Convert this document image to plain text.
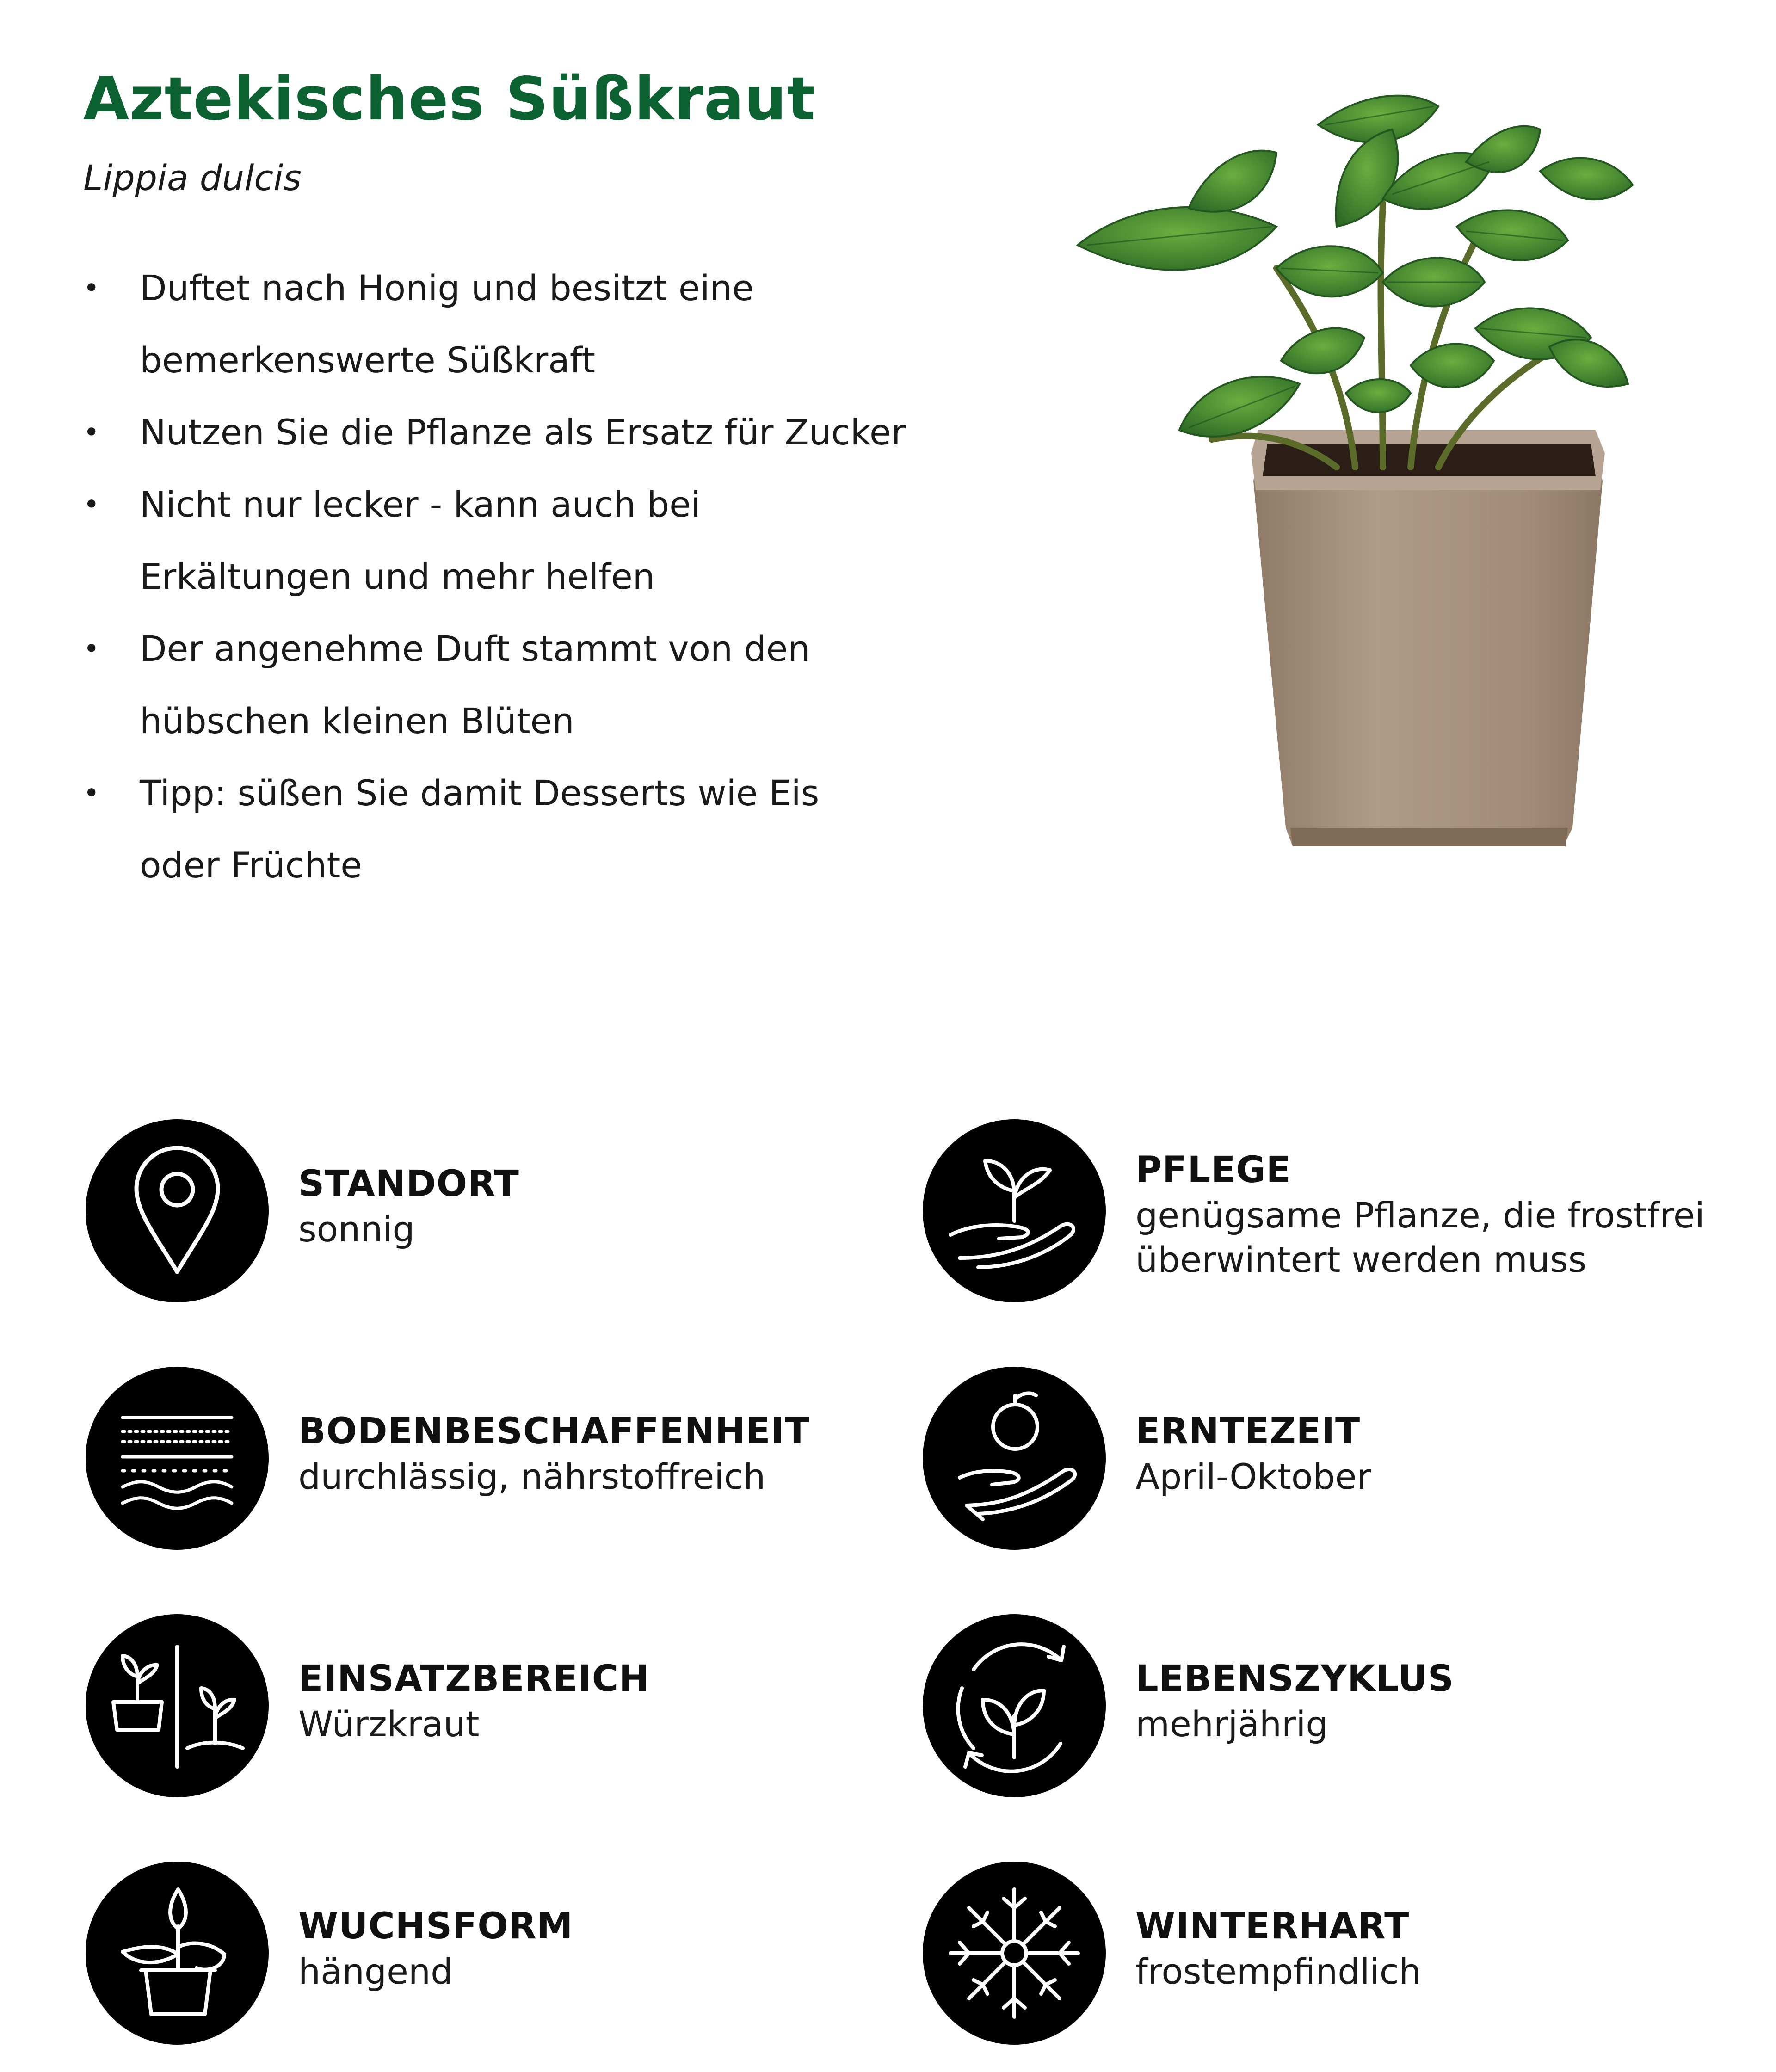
Aztekisches Süßkraut

Lippia dulcis

• Duftet nach Honig und besitzt eine
bemerkenswerte Süßkraft
• Nutzen Sie die Pflanze als Ersatz für Zucker
• Nicht nur lecker - kann auch bei
Erkältungen und mehr helfen
• Der angenehme Duft stammt von den
hübschen kleinen Blüten
• Tipp: süßen Sie damit Desserts wie Eis
oder Früchte
STANDORT
sonnig
PFLEGE
genügsame Pflanze, die frostfrei
überwintert werden muss
BODENBESCHAFFENHEIT
durchlässig, nährstoffreich
ERNTEZEIT
April-Oktober
EINSATZBEREICH
Würzkraut
LEBENSZYKLUS
mehrjährig
WUCHSFORM
hängend
WINTERHART
frostempfindlich
